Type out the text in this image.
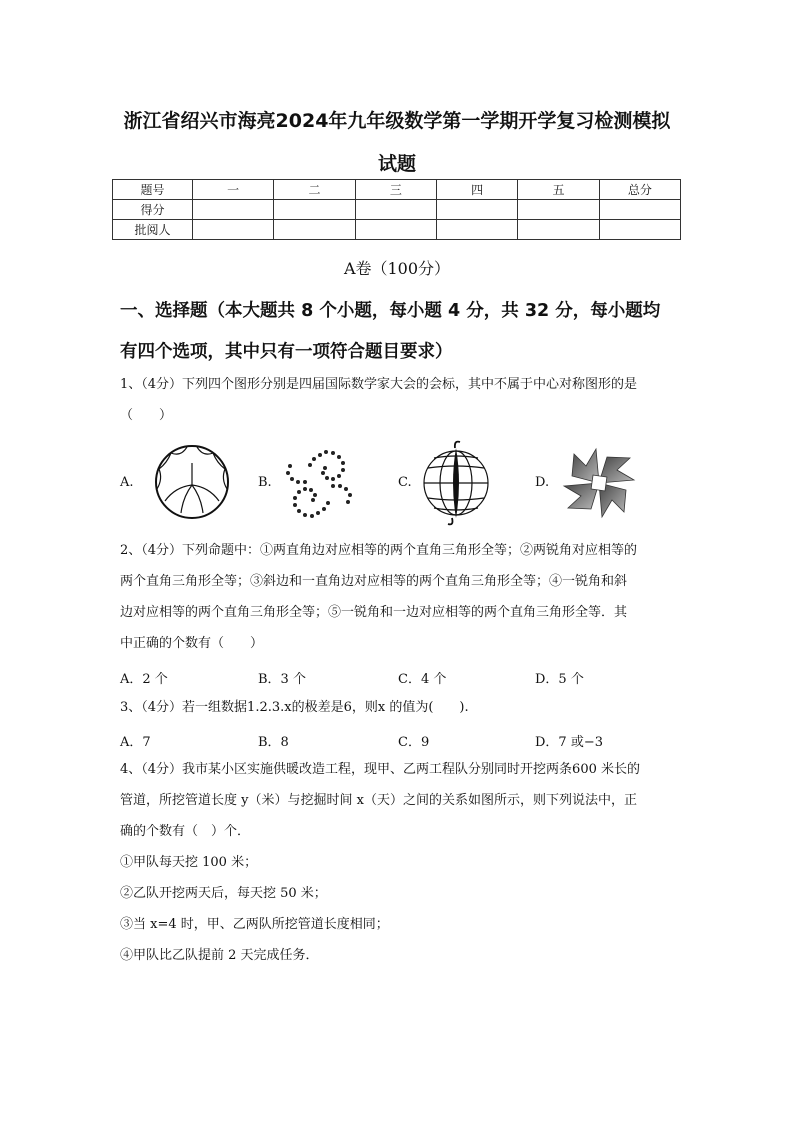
浙江省绍兴市海亮2024年九年级数学第一学期开学复习检测模拟
试题
题号	一	二	三	四	五	总分
得分						
批阅人						
A卷（100分）
一、选择题（本大题共 8 个小题，每小题 4 分，共 32 分，每小题均
有四个选项，其中只有一项符合题目要求）
1、（4分）下列四个图形分别是四届国际数学家大会的会标，其中不属于中心对称图形的是
（　　）
A.	B.	C.	D.
2、（4分）下列命题中：①两直角边对应相等的两个直角三角形全等；②两锐角对应相等的
两个直角三角形全等；③斜边和一直角边对应相等的两个直角三角形全等；④一锐角和斜
边对应相等的两个直角三角形全等；⑤一锐角和一边对应相等的两个直角三角形全等．其
中正确的个数有（　　）
A．2 个	B．3 个	C．4 个	D．5 个
3、（4分）若一组数据1.2.3.x的极差是6，则x 的值为(　　).
A．7	B．8	C．9	D．7 或−3
4、（4分）我市某小区实施供暖改造工程，现甲、乙两工程队分别同时开挖两条600 米长的
管道，所挖管道长度 y（米）与挖掘时间 x（天）之间的关系如图所示，则下列说法中，正
确的个数有（　）个．
①甲队每天挖 100 米；
②乙队开挖两天后，每天挖 50 米；
③当 x=4 时，甲、乙两队所挖管道长度相同；
④甲队比乙队提前 2 天完成任务．
